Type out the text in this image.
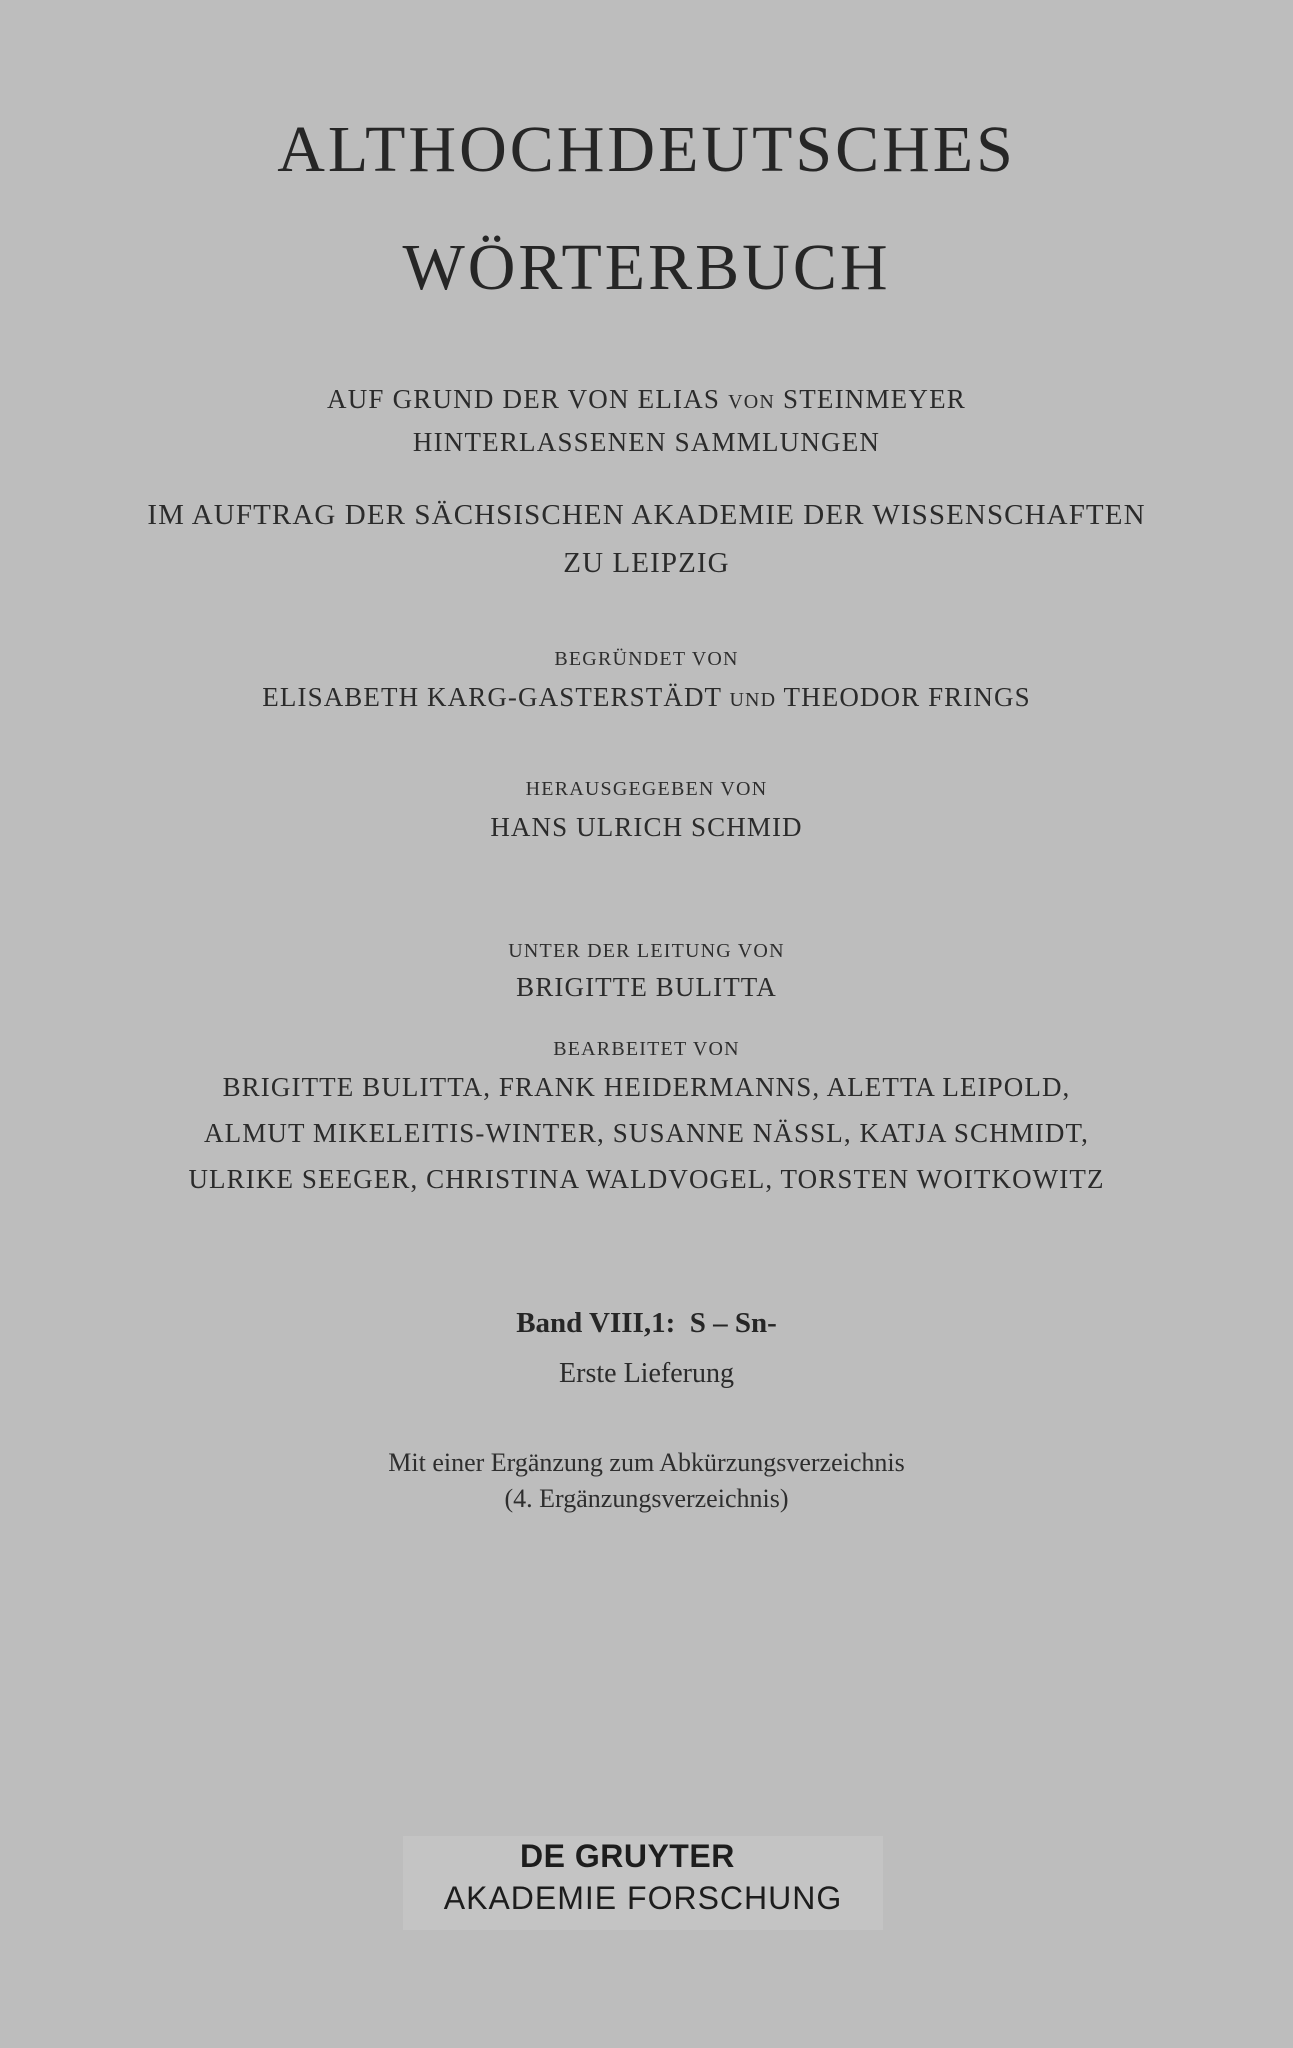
ALTHOCHDEUTSCHES
WÖRTERBUCH
AUF GRUND DER VON ELIAS VON STEINMEYER
HINTERLASSENEN SAMMLUNGEN
IM AUFTRAG DER SÄCHSISCHEN AKADEMIE DER WISSENSCHAFTEN
ZU LEIPZIG
BEGRÜNDET VON
ELISABETH KARG-GASTERSTÄDT UND THEODOR FRINGS
HERAUSGEGEBEN VON
HANS ULRICH SCHMID
UNTER DER LEITUNG VON
BRIGITTE BULITTA
BEARBEITET VON
BRIGITTE BULITTA, FRANK HEIDERMANNS, ALETTA LEIPOLD,
ALMUT MIKELEITIS-WINTER, SUSANNE NÄSSL, KATJA SCHMIDT,
ULRIKE SEEGER, CHRISTINA WALDVOGEL, TORSTEN WOITKOWITZ
Band VIII,1:  S – Sn-
Erste Lieferung
Mit einer Ergänzung zum Abkürzungsverzeichnis
(4. Ergänzungsverzeichnis)
DE GRUYTER
AKADEMIE FORSCHUNG
